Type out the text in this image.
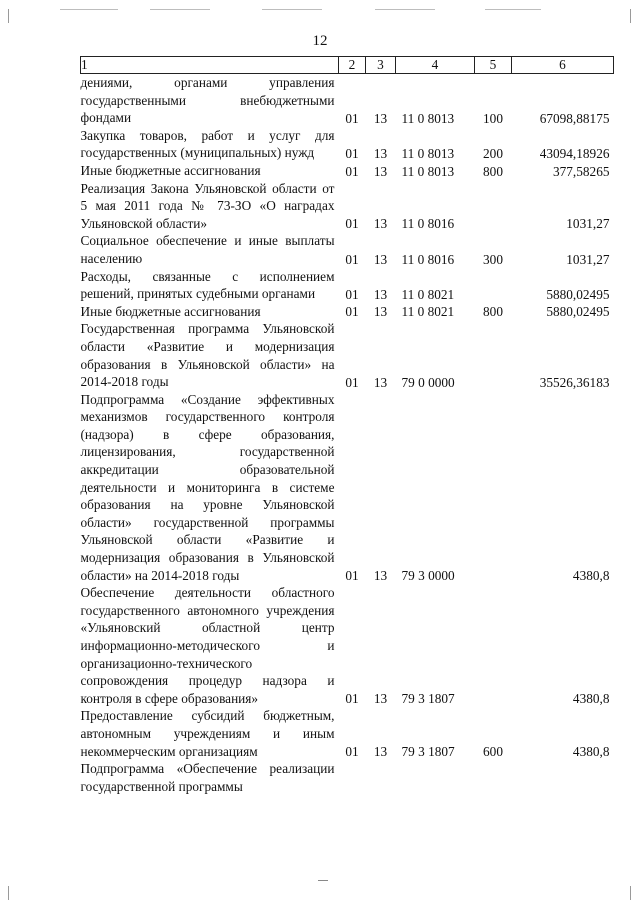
12
1	2	3	4	5	6
дениями, органами управления государственными внебюджетными фондами	01	13	11 0 8013	100	67098,88175
Закупка товаров, работ и услуг для государственных (муниципальных) нужд	01	13	11 0 8013	200	43094,18926
Иные бюджетные ассигнования	01	13	11 0 8013	800	377,58265
Реализация Закона Ульяновской области от 5 мая 2011 года № 73-ЗО «О наградах Ульяновской области»	01	13	11 0 8016		1031,27
Социальное обеспечение и иные выплаты населению	01	13	11 0 8016	300	1031,27
Расходы, связанные с исполнением решений, принятых судебными органами	01	13	11 0 8021		5880,02495
Иные бюджетные ассигнования	01	13	11 0 8021	800	5880,02495
Государственная программа Ульяновской области «Развитие и модернизация образования в Ульяновской области» на 2014-2018 годы	01	13	79 0 0000		35526,36183
Подпрограмма «Создание эффективных механизмов государственного контроля (надзора) в сфере образования, лицензирования, государственной аккредитации образовательной деятельности и мониторинга в системе образования на уровне Ульяновской области» государственной программы Ульяновской области «Развитие и модернизация образования в Ульяновской области» на 2014-2018 годы	01	13	79 3 0000		4380,8
Обеспечение деятельности областного государственного автономного учреждения «Ульяновский областной центр информационно-методического и организационно-технического сопровождения процедур надзора и контроля в сфере образования»	01	13	79 3 1807		4380,8
Предоставление субсидий бюджетным, автономным учреждениям и иным некоммерческим организациям	01	13	79 3 1807	600	4380,8
Подпрограмма «Обеспечение реализации государственной программы					
